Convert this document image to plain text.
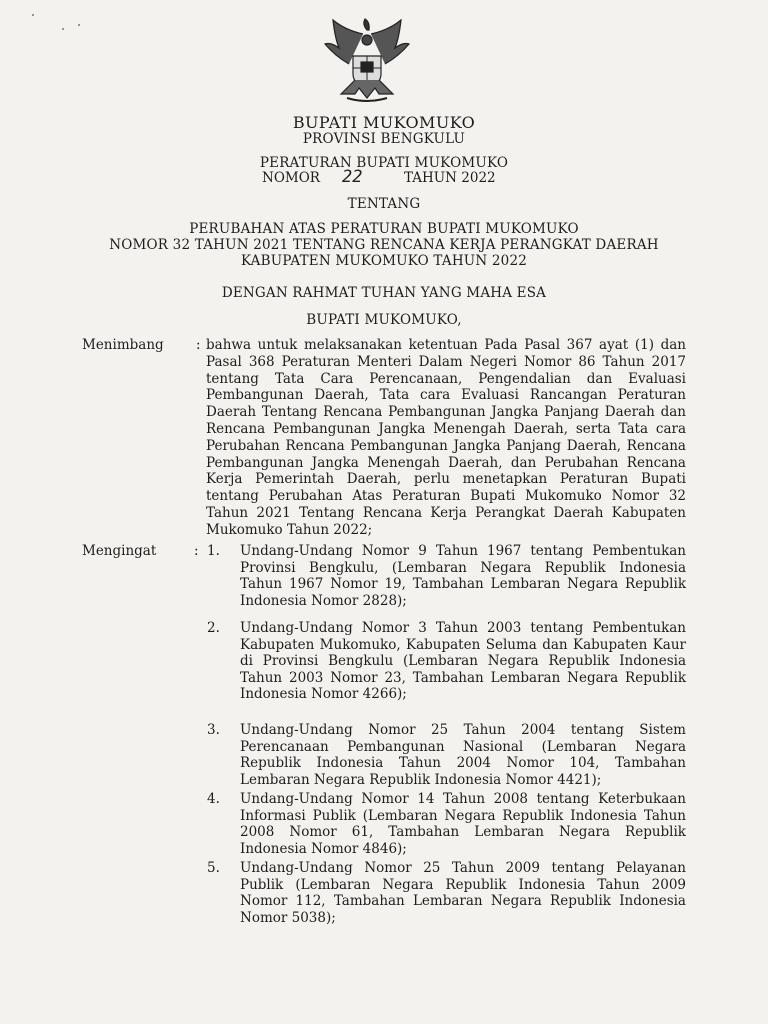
BUPATI MUKOMUKO
PROVINSI BENGKULU
PERATURAN BUPATI MUKOMUKO
NOMOR 22	TAHUN 2022
TENTANG
PERUBAHAN ATAS PERATURAN BUPATI MUKOMUKO
NOMOR 32 TAHUN 2021 TENTANG RENCANA KERJA PERANGKAT DAERAH
KABUPATEN MUKOMUKO TAHUN 2022
DENGAN RAHMAT TUHAN YANG MAHA ESA
BUPATI MUKOMUKO,
Menimbang : bahwa untuk melaksanakan ketentuan Pada Pasal 367 ayat (1) dan Pasal 368 Peraturan Menteri Dalam Negeri Nomor 86 Tahun 2017 tentang Tata Cara Perencanaan, Pengendalian dan Evaluasi Pembangunan Daerah, Tata cara Evaluasi Rancangan Peraturan Daerah Tentang Rencana Pembangunan Jangka Panjang Daerah dan Rencana Pembangunan Jangka Menengah Daerah, serta Tata cara Perubahan Rencana Pembangunan Jangka Panjang Daerah, Rencana Pembangunan Jangka Menengah Daerah, dan Perubahan Rencana Kerja Pemerintah Daerah, perlu menetapkan Peraturan Bupati tentang Perubahan Atas Peraturan Bupati Mukomuko Nomor 32 Tahun 2021 Tentang Rencana Kerja Perangkat Daerah Kabupaten Mukomuko Tahun 2022;
Mengingat	: 1. Undang-Undang Nomor 9 Tahun 1967 tentang Pembentukan Provinsi Bengkulu, (Lembaran Negara Republik Indonesia Tahun 1967 Nomor 19, Tambahan Lembaran Negara Republik Indonesia Nomor 2828);
2. Undang-Undang Nomor 3 Tahun 2003 tentang Pembentukan Kabupaten Mukomuko, Kabupaten Seluma dan Kabupaten Kaur di Provinsi Bengkulu (Lembaran Negara Republik Indonesia Tahun 2003 Nomor 23, Tambahan Lembaran Negara Republik Indonesia Nomor 4266);
3. Undang-Undang Nomor 25 Tahun 2004 tentang Sistem Perencanaan Pembangunan Nasional (Lembaran Negara Republik Indonesia Tahun 2004 Nomor 104, Tambahan Lembaran Negara Republik Indonesia Nomor 4421);
4. Undang-Undang Nomor 14 Tahun 2008 tentang Keterbukaan Informasi Publik (Lembaran Negara Republik Indonesia Tahun 2008 Nomor 61, Tambahan Lembaran Negara Republik Indonesia Nomor 4846);
5. Undang-Undang Nomor 25 Tahun 2009 tentang Pelayanan Publik (Lembaran Negara Republik Indonesia Tahun 2009 Nomor 112, Tambahan Lembaran Negara Republik Indonesia Nomor 5038);
